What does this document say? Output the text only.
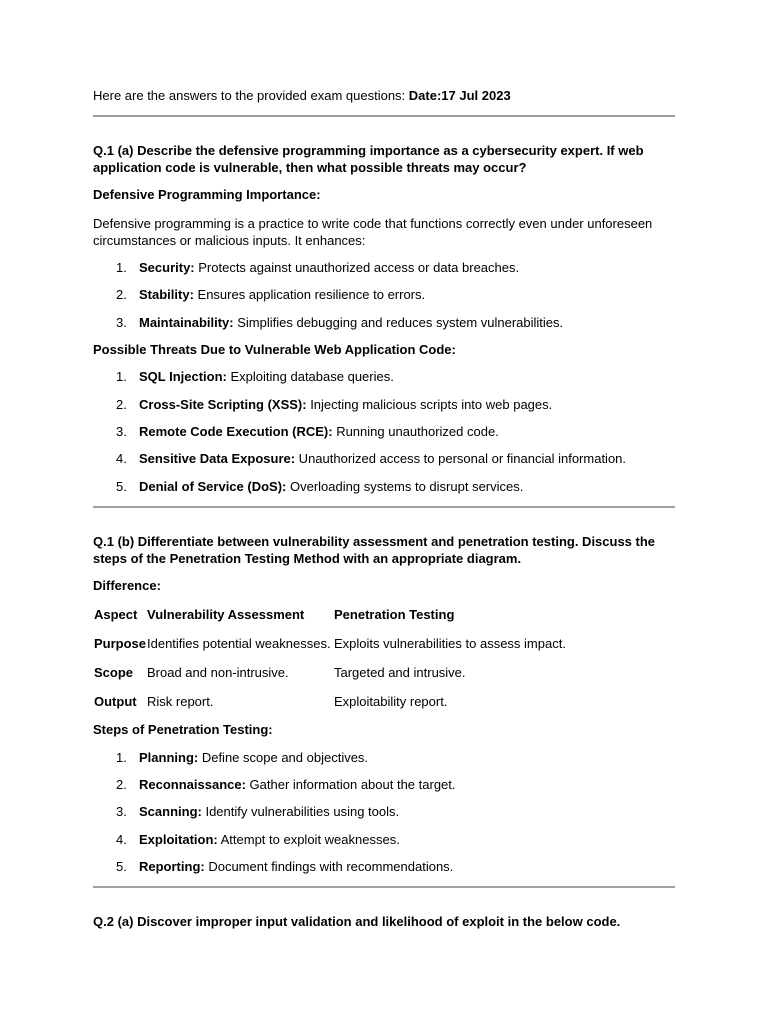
Here are the answers to the provided exam questions: Date:17 Jul 2023
Q.1 (a) Describe the defensive programming importance as a cybersecurity expert. If web application code is vulnerable, then what possible threats may occur?
Defensive Programming Importance:
Defensive programming is a practice to write code that functions correctly even under unforeseen circumstances or malicious inputs. It enhances:
1. Security: Protects against unauthorized access or data breaches.
2. Stability: Ensures application resilience to errors.
3. Maintainability: Simplifies debugging and reduces system vulnerabilities.
Possible Threats Due to Vulnerable Web Application Code:
1. SQL Injection: Exploiting database queries.
2. Cross-Site Scripting (XSS): Injecting malicious scripts into web pages.
3. Remote Code Execution (RCE): Running unauthorized code.
4. Sensitive Data Exposure: Unauthorized access to personal or financial information.
5. Denial of Service (DoS): Overloading systems to disrupt services.
Q.1 (b) Differentiate between vulnerability assessment and penetration testing. Discuss the steps of the Penetration Testing Method with an appropriate diagram.
Difference:
Aspect Vulnerability Assessment Penetration Testing
Purpose Identifies potential weaknesses. Exploits vulnerabilities to assess impact.
Scope Broad and non-intrusive.	Targeted and intrusive.
Output Risk report.	Exploitability report.
Steps of Penetration Testing:
1. Planning: Define scope and objectives.
2. Reconnaissance: Gather information about the target.
3. Scanning: Identify vulnerabilities using tools.
4. Exploitation: Attempt to exploit weaknesses.
5. Reporting: Document findings with recommendations.
Q.2 (a) Discover improper input validation and likelihood of exploit in the below code.
